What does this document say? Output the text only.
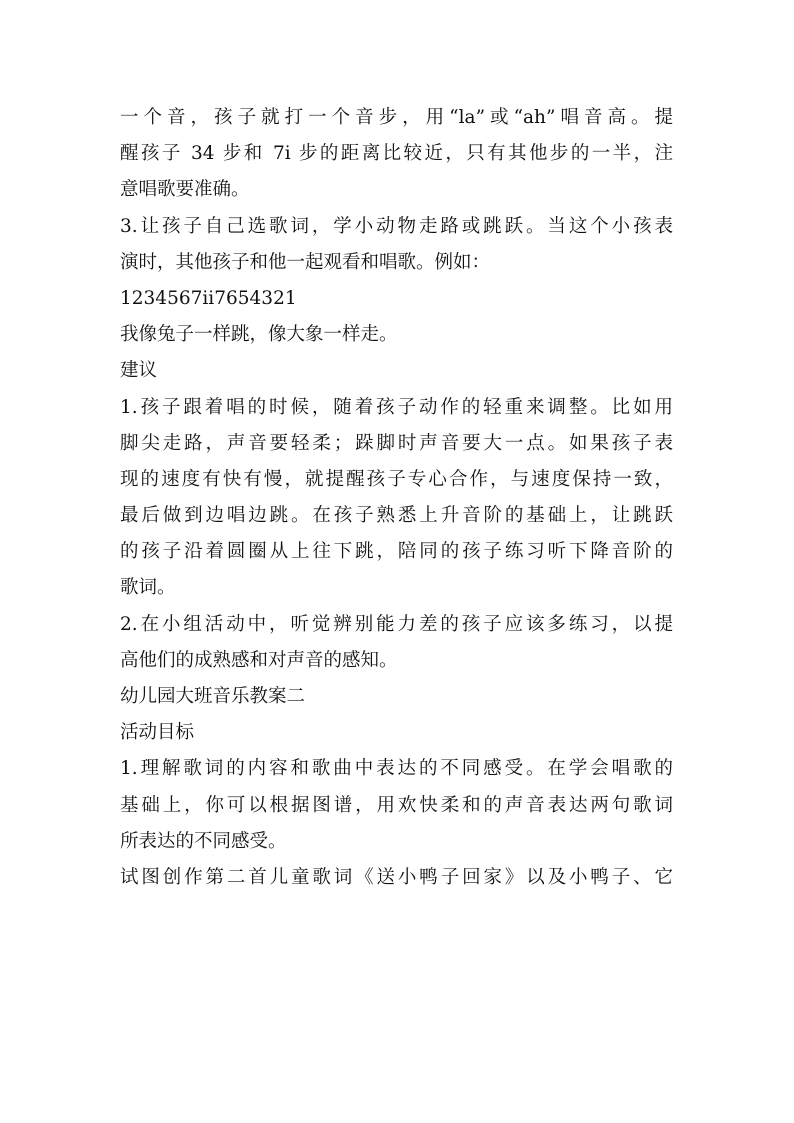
一个音，孩子就打一个音步，用“la”或“ah”唱音高。提
醒孩子 34 步和 7i 步的距离比较近，只有其他步的一半，注
意唱歌要准确。
3.让孩子自己选歌词，学小动物走路或跳跃。当这个小孩表
演时，其他孩子和他一起观看和唱歌。例如：
1234567ii7654321
我像兔子一样跳，像大象一样走。
建议
1.孩子跟着唱的时候，随着孩子动作的轻重来调整。比如用
脚尖走路，声音要轻柔；跺脚时声音要大一点。如果孩子表
现的速度有快有慢，就提醒孩子专心合作，与速度保持一致，
最后做到边唱边跳。在孩子熟悉上升音阶的基础上，让跳跃
的孩子沿着圆圈从上往下跳，陪同的孩子练习听下降音阶的
歌词。
2.在小组活动中，听觉辨别能力差的孩子应该多练习，以提
高他们的成熟感和对声音的感知。
幼儿园大班音乐教案二
活动目标
1.理解歌词的内容和歌曲中表达的不同感受。在学会唱歌的
基础上，你可以根据图谱，用欢快柔和的声音表达两句歌词
所表达的不同感受。
试图创作第二首儿童歌词《送小鸭子回家》以及小鸭子、它
